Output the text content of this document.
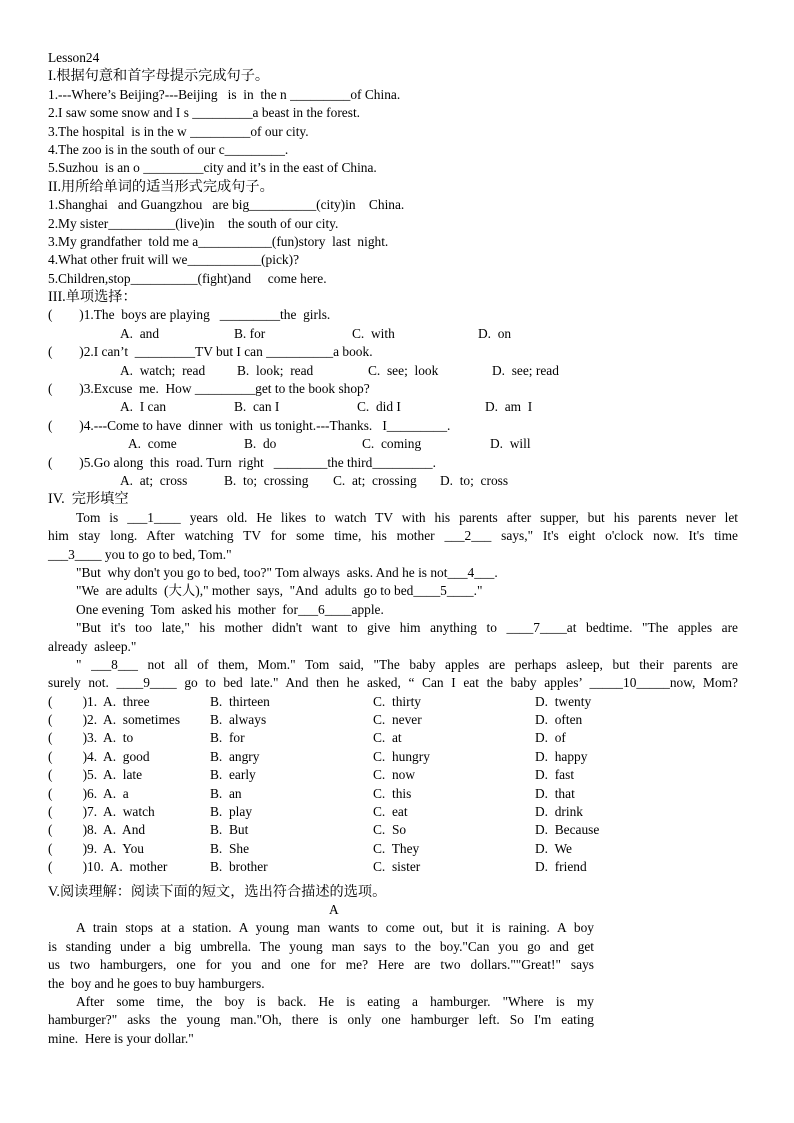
Lesson24
I.根据句意和首字母提示完成句子。
1.---Where’s Beijing?---Beijing   is  in  the n _________of China.
2.I saw some snow and I s _________a beast in the forest.
3.The hospital  is in the w _________of our city.
4.The zoo is in the south of our c_________.
5.Suzhou  is an o _________city and it’s in the east of China.
II.用所给单词的适当形式完成句子。
1.Shanghai   and Guangzhou   are big__________(city)in    China.
2.My sister__________(live)in    the south of our city.
3.My grandfather  told me a___________(fun)story  last  night.
4.What other fruit will we___________(pick)?
5.Children,stop__________(fight)and     come here.
III.单项选择：
(        )1.The  boys are playing   _________the  girls.

A.  and

	B. for

	C.  with

	D.  on

(        )2.I can’t  _________TV but I can __________a book.

A.  watch;  read

B.  look;  read

	C.  see;  look

	D.  see; read

(        )3.Excuse  me.  How _________get to the book shop?

A.  I can

	B.  can I

	C.  did I

	D.  am  I

(        )4.---Come to have  dinner  with  us tonight.---Thanks.   I_________.

A.  come

	B.  do

	C.  coming

	D.  will

(        )5.Go along  this  road. Turn  right   ________the third_________.

A.  at;  cross

	B.  to;  crossing

C.  at;  crossing

D.  to;  cross

IV.  完形填空
Tom is ___1____ years old. He likes to watch TV with his parents after supper, but his parents never let
him stay long. After watching TV for some time, his mother ___2___ says," It's eight o'clock now. It's time
___3____ you to go to bed, Tom."
"But  why don't you go to bed, too?" Tom always  asks. And he is not___4___.
"We  are adults  (大人)," mother  says,  "And  adults  go to bed____5____."
One evening  Tom  asked his  mother  for___6____apple.
"But it's too late," his mother didn't want to give him anything to ____7____at bedtime. "The apples are
already  asleep."
" ___8___ not all of them, Mom." Tom said, "The baby apples are perhaps asleep, but their parents are
surely not. ____9____ go to bed late." And then he asked, “ Can I eat the baby apples’ _____10_____now, Mom?
(         )1.  A.  three	B.  thirteen	C.  thirty	D.  twenty
(         )2.  A.  sometimes B.  always	C.  never	D.  often
(         )3.  A.  to	B.  for	C.  at	D.  of
(         )4.  A.  good	B.  angry	C.  hungry	D.  happy
(         )5.  A.  late	B.  early	C.  now	D.  fast
(         )6.  A.  a	B.  an	C.  this	D.  that
(         )7.  A.  watch	B.  play	C.  eat	D.  drink
(         )8.  A.  And	B.  But	C.  So	D.  Because
(         )9.  A.  You	B.  She	C.  They	D.  We
(         )10.  A.  mother	B.  brother	C.  sister	D.  friend
V.阅读理解：阅读下面的短文，选出符合描述的选项。
A
A train stops at a station. A young man wants to come out, but it is raining. A boy
is standing under a big umbrella. The young man says to the boy."Can you go and get
us two hamburgers, one for you and one for me? Here are two dollars.""Great!" says
the  boy and he goes to buy hamburgers.
After some time, the boy is back. He is eating a hamburger. "Where is my
hamburger?" asks the young man."Oh, there is only one hamburger left. So I'm eating
mine.  Here is your dollar."
